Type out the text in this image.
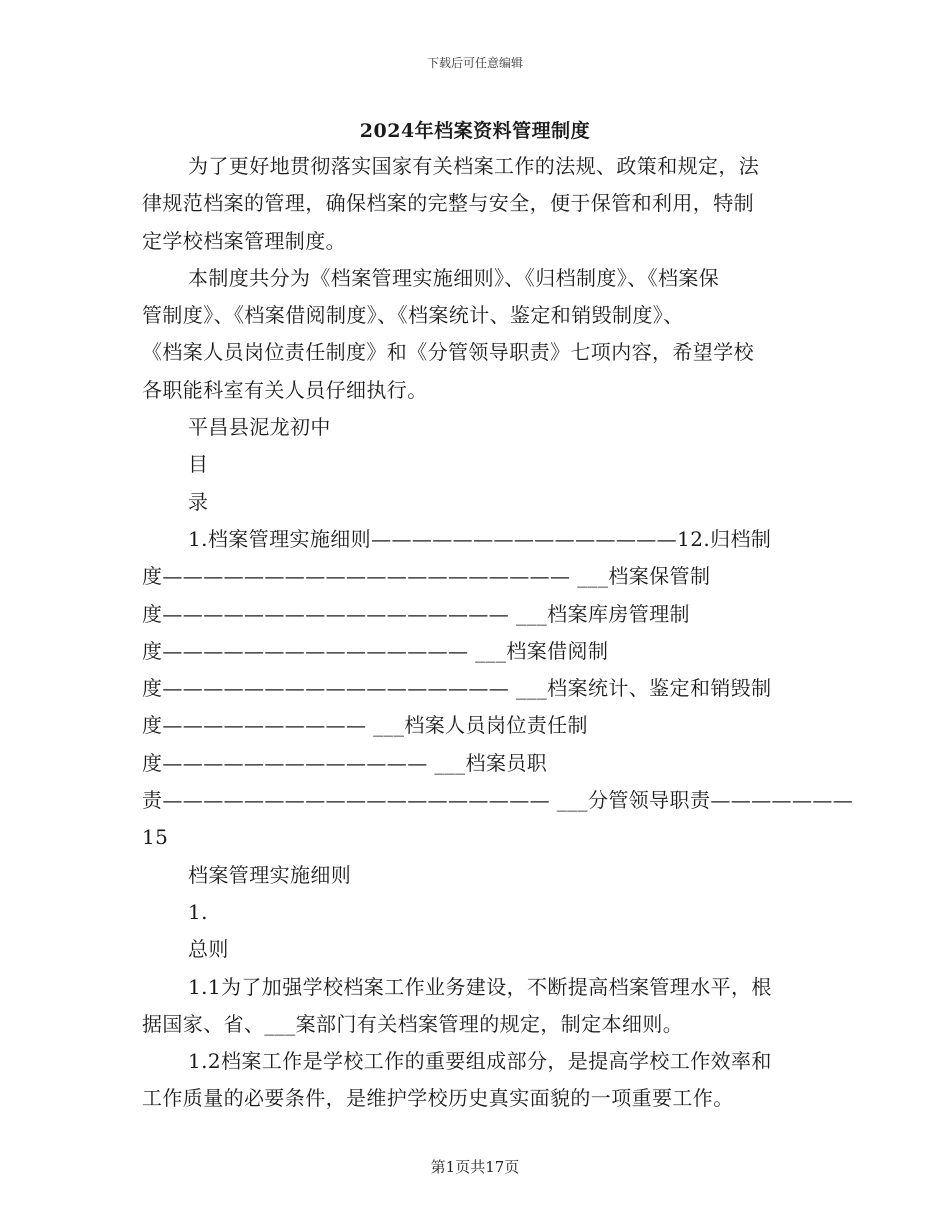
下载后可任意编辑
2024年档案资料管理制度
为了更好地贯彻落实国家有关档案工作的法规、政策和规定，法
律规范档案的管理，确保档案的完整与安全，便于保管和利用，特制
定学校档案管理制度。
本制度共分为《档案管理实施细则》、《归档制度》、《档案保
管制度》、《档案借阅制度》、《档案统计、鉴定和销毁制度》、
《档案人员岗位责任制度》和《分管领导职责》七项内容，希望学校
各职能科室有关人员仔细执行。
平昌县泥龙初中
目
录
1.档案管理实施细则———————————————12.归档制
度———————————————————— ___档案保管制
度————————————————— ___档案库房管理制
度——————————————— ___档案借阅制
度————————————————— ___档案统计、鉴定和销毁制
度—————————— ___档案人员岗位责任制
度————————————— ___档案员职
责——————————————————— ___分管领导职责———————
15
档案管理实施细则
1.
总则
1.1为了加强学校档案工作业务建设，不断提高档案管理水平，根
据国家、省、___案部门有关档案管理的规定，制定本细则。
1.2档案工作是学校工作的重要组成部分，是提高学校工作效率和
工作质量的必要条件，是维护学校历史真实面貌的一项重要工作。
第1页共17页
